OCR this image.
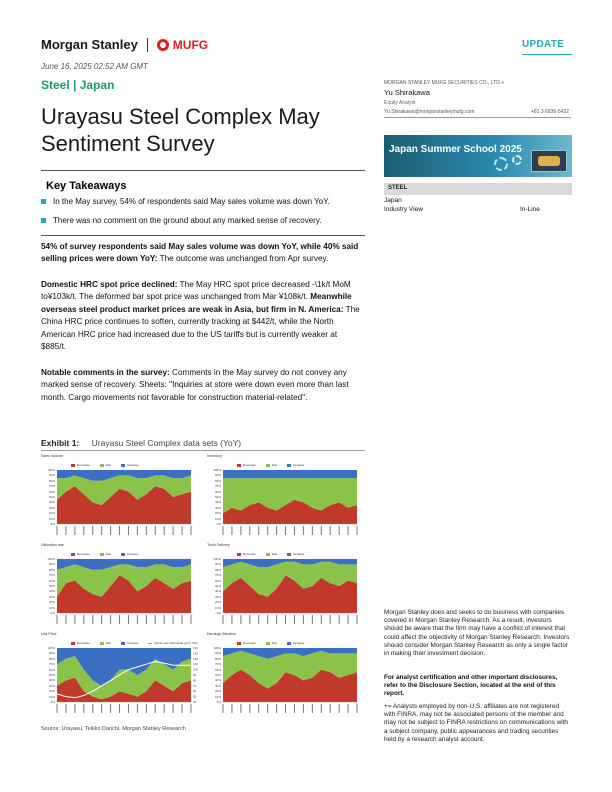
Morgan Stanley	MUFG	UPDATE
June 16, 2025 02:52 AM GMT
Steel | Japan
Urayasu Steel Complex May Sentiment Survey
Key Takeaways
In the May survey, 54% of respondents said May sales volume was down YoY.
There was no comment on the ground about any marked sense of recovery.
54% of survey respondents said May sales volume was down YoY, while 40% said selling prices were down YoY: The outcome was unchanged from Apr survey.
Domestic HRC spot price declined: The May HRC spot price decreased -\1k/t MoM to¥103k/t. The deformed bar spot price was unchanged from Mar ¥108k/t. Meanwhile overseas steel product market prices are weak in Asia, but firm in N. America: The China HRC price continues to soften, currently tracking at $442/t, while the North American HRC price had increased due to the US tariffs but is currently weaker at $885/t.
Notable comments in the survey: Comments in the May survey do not convey any marked sense of recovery. Sheets: "Inquiries at store were down even more than last month. Cargo movements not favorable for construction material-related".
MORGAN STANLEY MUFG SECURITIES CO., LTD.+
Yu Shirakawa
Equity Analyst
Yu.Shirakawa@morganstanleymufg.com	+81 3 6836-5432
Japan Summer School 2025
STEEL
Japan
Industry View	In-Line
Morgan Stanley does and seeks to do business with companies covered in Morgan Stanley Research. As a result, investors should be aware that the firm may have a conflict of interest that could affect the objectivity of Morgan Stanley Research. Investors should consider Morgan Stanley Research as only a single factor in making their investment decision.
For analyst certification and other important disclosures, refer to the Disclosure Section, located at the end of this report.
+= Analysts employed by non-U.S. affiliates are not registered with FINRA, may not be associated persons of the member and may not be subject to FINRA restrictions on communications with a subject company, public appearances and trading securities held by a research analyst account.
Exhibit 1: Urayasu Steel Complex data sets (YoY)
Sales Volume
Decrease	Flat	Increase
0%
10%
20%
30%
40%
50%
60%
70%
80%
90%
100%
Inventory
Decrease	Flat	Increase
0%
10%
20%
30%
40%
50%
60%
70%
80%
90%
100%
Utilization rate
Decrease	Flat	Increase
0%
10%
20%
30%
40%
50%
60%
70%
80%
90%
100%
Truck Delivery
Decrease	Flat	Increase
0%
10%
20%
30%
40%
50%
60%
70%
80%
90%
100%
Unit Price
Decrease	Flat	Increase	Rebar spot (thousand yen/t, rhs)
0%
10%
20%
30%
40%
50%
60%
70%
80%
90%
100%
40
50
60
70
80
90
100
110
120
130
140
Earnings Situation
Decrease	Flat	Increase
0%
10%
20%
30%
40%
50%
60%
70%
80%
90%
100%
Source: Urayasu, Teikko Danchi, Morgan Stanley Research
